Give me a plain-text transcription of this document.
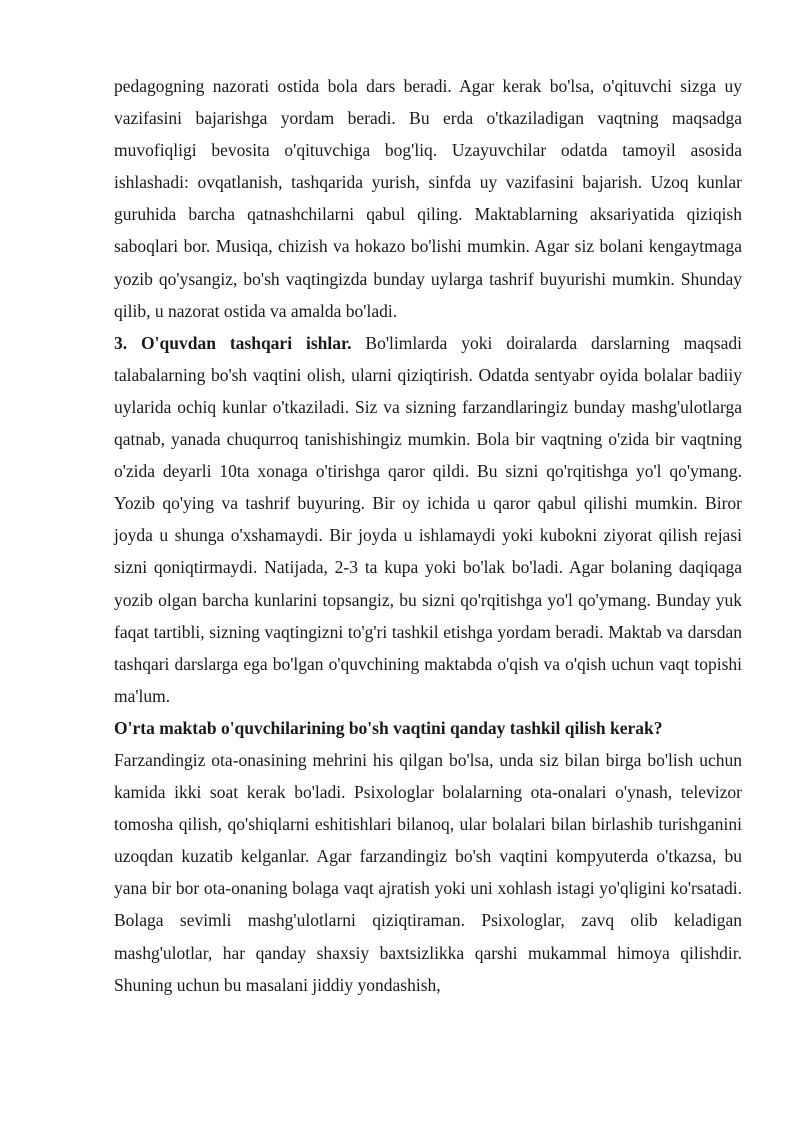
pedagogning nazorati ostida bola dars beradi. Agar kerak bo'lsa, o'qituvchi sizga uy vazifasini bajarishga yordam beradi. Bu erda o'tkaziladigan vaqtning maqsadga muvofiqligi bevosita o'qituvchiga bog'liq. Uzayuvchilar odatda tamoyil asosida ishlashadi: ovqatlanish, tashqarida yurish, sinfda uy vazifasini bajarish. Uzoq kunlar guruhida barcha qatnashchilarni qabul qiling. Maktablarning aksariyatida qiziqish saboqlari bor. Musiqa, chizish va hokazo bo'lishi mumkin. Agar siz bolani kengaytmaga yozib qo'ysangiz, bo'sh vaqtingizda bunday uylarga tashrif buyurishi mumkin. Shunday qilib, u nazorat ostida va amalda bo'ladi.

3. O'quvdan tashqari ishlar. Bo'limlarda yoki doiralarda darslarning maqsadi talabalarning bo'sh vaqtini olish, ularni qiziqtirish. Odatda sentyabr oyida bolalar badiiy uylarida ochiq kunlar o'tkaziladi. Siz va sizning farzandlaringiz bunday mashg'ulotlarga qatnab, yanada chuqurroq tanishishingiz mumkin. Bola bir vaqtning o'zida bir vaqtning o'zida deyarli 10ta xonaga o'tirishga qaror qildi. Bu sizni qo'rqitishga yo'l qo'ymang. Yozib qo'ying va tashrif buyuring. Bir oy ichida u qaror qabul qilishi mumkin. Biror joyda u shunga o'xshamaydi. Bir joyda u ishlamaydi yoki kubokni ziyorat qilish rejasi sizni qoniqtirmaydi. Natijada, 2-3 ta kupa yoki bo'lak bo'ladi. Agar bolaning daqiqaga yozib olgan barcha kunlarini topsangiz, bu sizni qo'rqitishga yo'l qo'ymang. Bunday yuk faqat tartibli, sizning vaqtingizni to'g'ri tashkil etishga yordam beradi. Maktab va darsdan tashqari darslarga ega bo'lgan o'quvchining maktabda o'qish va o'qish uchun vaqt topishi ma'lum.

O'rta maktab o'quvchilarining bo'sh vaqtini qanday tashkil qilish kerak?

Farzandingiz ota-onasining mehrini his qilgan bo'lsa, unda siz bilan birga bo'lish uchun kamida ikki soat kerak bo'ladi. Psixologlar bolalarning ota-onalari o'ynash, televizor tomosha qilish, qo'shiqlarni eshitishlari bilanoq, ular bolalari bilan birlashib turishganini uzoqdan kuzatib kelganlar. Agar farzandingiz bo'sh vaqtini kompyuterda o'tkazsa, bu yana bir bor ota-onaning bolaga vaqt ajratish yoki uni xohlash istagi yo'qligini ko'rsatadi. Bolaga sevimli mashg'ulotlarni qiziqtiraman. Psixologlar, zavq olib keladigan mashg'ulotlar, har qanday shaxsiy baxtsizlikka qarshi mukammal himoya qilishdir. Shuning uchun bu masalani jiddiy yondashish,
